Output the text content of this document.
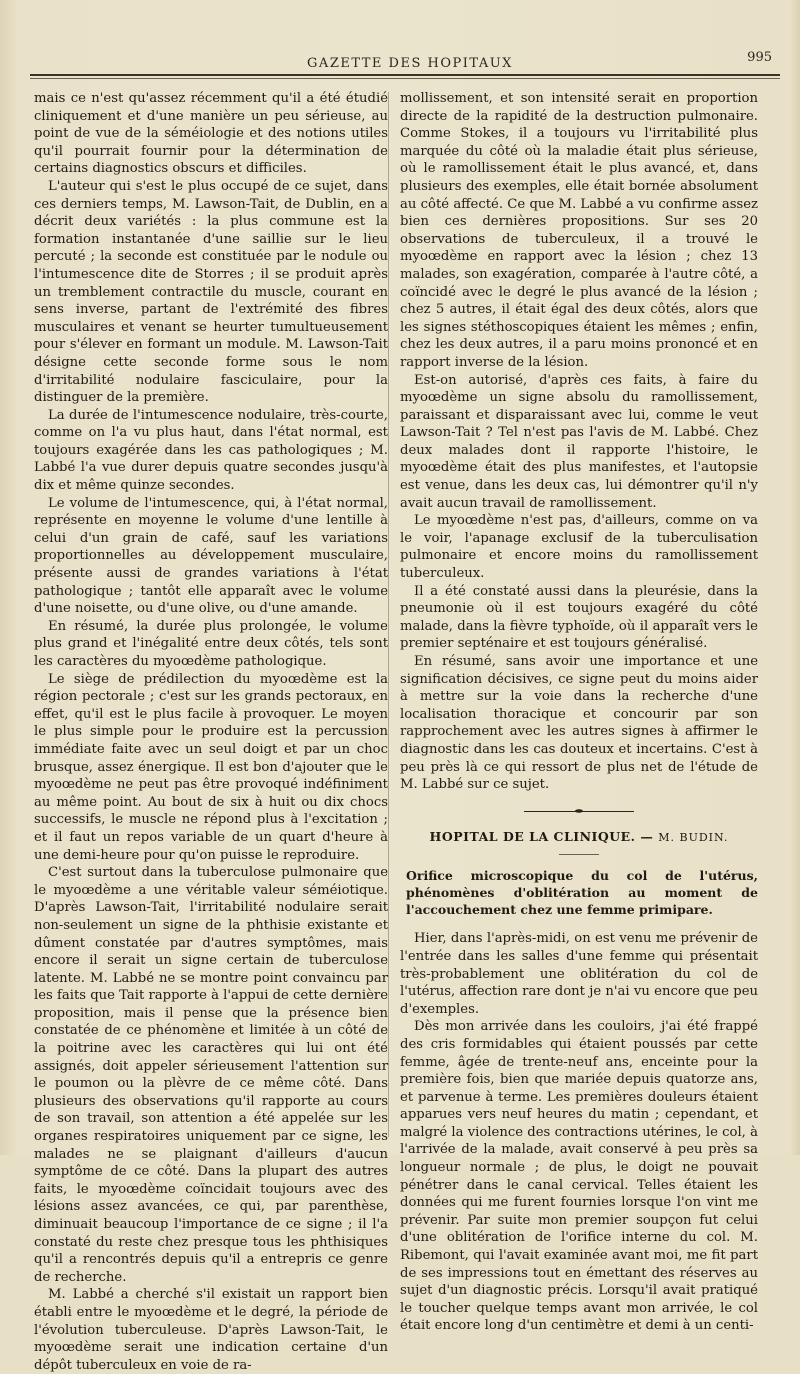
GAZETTE DES HOPITAUX	995

mais ce n'est qu'assez récemment qu'il a été étudié cliniquement et d'une manière un peu sérieuse, au point de vue de la séméiologie et des notions utiles qu'il pourrait fournir pour la détermination de certains diagnostics obscurs et difficiles.

L'auteur qui s'est le plus occupé de ce sujet, dans ces derniers temps, M. Lawson-Tait, de Dublin, en a décrit deux variétés : la plus commune est la formation instantanée d'une saillie sur le lieu percuté ; la seconde est constituée par le nodule ou l'intumescence dite de Storres ; il se produit après un tremblement contractile du muscle, courant en sens inverse, partant de l'extrémité des fibres musculaires et venant se heurter tumultueusement pour s'élever en formant un module. M. Lawson-Tait désigne cette seconde forme sous le nom d'irritabilité nodulaire fasciculaire, pour la distinguer de la première.

La durée de l'intumescence nodulaire, très-courte, comme on l'a vu plus haut, dans l'état normal, est toujours exagérée dans les cas pathologiques ; M. Labbé l'a vue durer depuis quatre secondes jusqu'à dix et même quinze secondes.

Le volume de l'intumescence, qui, à l'état normal, représente en moyenne le volume d'une lentille à celui d'un grain de café, sauf les variations proportionnelles au développement musculaire, présente aussi de grandes variations à l'état pathologique ; tantôt elle apparaît avec le volume d'une noisette, ou d'une olive, ou d'une amande.

En résumé, la durée plus prolongée, le volume plus grand et l'inégalité entre deux côtés, tels sont les caractères du myoœdème pathologique.

Le siège de prédilection du myoœdème est la région pectorale ; c'est sur les grands pectoraux, en effet, qu'il est le plus facile à provoquer. Le moyen le plus simple pour le produire est la percussion immédiate faite avec un seul doigt et par un choc brusque, assez énergique. Il est bon d'ajouter que le myoœdème ne peut pas être provoqué indéfiniment au même point. Au bout de six à huit ou dix chocs successifs, le muscle ne répond plus à l'excitation ; et il faut un repos variable de un quart d'heure à une demi-heure pour qu'on puisse le reproduire.

C'est surtout dans la tuberculose pulmonaire que le myoœdème a une véritable valeur séméiotique. D'après Lawson-Tait, l'irritabilité nodulaire serait non-seulement un signe de la phthisie existante et dûment constatée par d'autres symptômes, mais encore il serait un signe certain de tuberculose latente. M. Labbé ne se montre point convaincu par les faits que Tait rapporte à l'appui de cette dernière proposition, mais il pense que la présence bien constatée de ce phénomène et limitée à un côté de la poitrine avec les caractères qui lui ont été assignés, doit appeler sérieusement l'attention sur le poumon ou la plèvre de ce même côté. Dans plusieurs des observations qu'il rapporte au cours de son travail, son attention a été appelée sur les organes respiratoires uniquement par ce signe, les malades ne se plaignant d'ailleurs d'aucun symptôme de ce côté. Dans la plupart des autres faits, le myoœdème coïncidait toujours avec des lésions assez avancées, ce qui, par parenthèse, diminuait beaucoup l'importance de ce signe ; il l'a constaté du reste chez presque tous les phthisiques qu'il a rencontrés depuis qu'il a entrepris ce genre de recherche.

M. Labbé a cherché s'il existait un rapport bien établi entre le myoœdème et le degré, la période de l'évolution tuberculeuse. D'après Lawson-Tait, le myoœdème serait une indication certaine d'un dépôt tuberculeux en voie de ra-

mollissement, et son intensité serait en proportion directe de la rapidité de la destruction pulmonaire. Comme Stokes, il a toujours vu l'irritabilité plus marquée du côté où la maladie était plus sérieuse, où le ramollissement était le plus avancé, et, dans plusieurs des exemples, elle était bornée absolument au côté affecté. Ce que M. Labbé a vu confirme assez bien ces dernières propositions. Sur ses 20 observations de tuberculeux, il a trouvé le myoœdème en rapport avec la lésion ; chez 13 malades, son exagération, comparée à l'autre côté, a coïncidé avec le degré le plus avancé de la lésion ; chez 5 autres, il était égal des deux côtés, alors que les signes stéthoscopiques étaient les mêmes ; enfin, chez les deux autres, il a paru moins prononcé et en rapport inverse de la lésion.

Est-on autorisé, d'après ces faits, à faire du myoœdème un signe absolu du ramollissement, paraissant et disparaissant avec lui, comme le veut Lawson-Tait ? Tel n'est pas l'avis de M. Labbé. Chez deux malades dont il rapporte l'histoire, le myoœdème était des plus manifestes, et l'autopsie est venue, dans les deux cas, lui démontrer qu'il n'y avait aucun travail de ramollissement.

Le myoœdème n'est pas, d'ailleurs, comme on va le voir, l'apanage exclusif de la tuberculisation pulmonaire et encore moins du ramollissement tuberculeux.

Il a été constaté aussi dans la pleurésie, dans la pneumonie où il est toujours exagéré du côté malade, dans la fièvre typhoïde, où il apparaît vers le premier septénaire et est toujours généralisé.

En résumé, sans avoir une importance et une signification décisives, ce signe peut du moins aider à mettre sur la voie dans la recherche d'une localisation thoracique et concourir par son rapprochement avec les autres signes à affirmer le diagnostic dans les cas douteux et incertains. C'est à peu près là ce qui ressort de plus net de l'étude de M. Labbé sur ce sujet.

HOPITAL DE LA CLINIQUE. — M. BUDIN.

Orifice microscopique du col de l'utérus, phénomènes d'oblitération au moment de l'accouchement chez une femme primipare.

Hier, dans l'après-midi, on est venu me prévenir de l'entrée dans les salles d'une femme qui présentait très-probablement une oblitération du col de l'utérus, affection rare dont je n'ai vu encore que peu d'exemples.

Dès mon arrivée dans les couloirs, j'ai été frappé des cris formidables qui étaient poussés par cette femme, âgée de trente-neuf ans, enceinte pour la première fois, bien que mariée depuis quatorze ans, et parvenue à terme. Les premières douleurs étaient apparues vers neuf heures du matin ; cependant, et malgré la violence des contractions utérines, le col, à l'arrivée de la malade, avait conservé à peu près sa longueur normale ; de plus, le doigt ne pouvait pénétrer dans le canal cervical. Telles étaient les données qui me furent fournies lorsque l'on vint me prévenir. Par suite mon premier soupçon fut celui d'une oblitération de l'orifice interne du col. M. Ribemont, qui l'avait examinée avant moi, me fit part de ses impressions tout en émettant des réserves au sujet d'un diagnostic précis. Lorsqu'il avait pratiqué le toucher quelque temps avant mon arrivée, le col était encore long d'un centimètre et demi à un centi-
